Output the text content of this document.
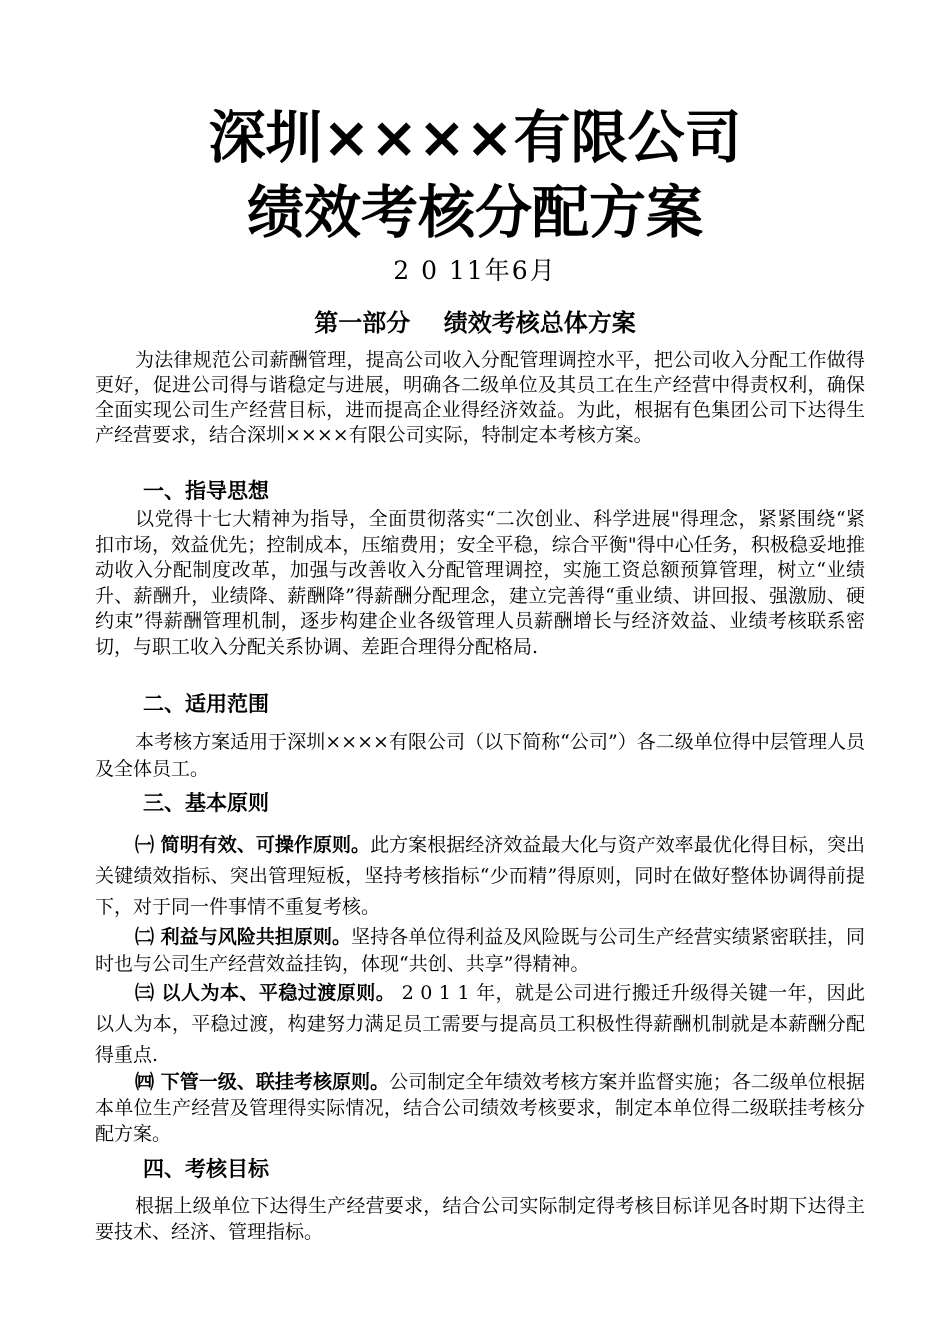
深圳××××有限公司
绩效考核分配方案
2 0 11年6月
第一部分    绩效考核总体方案
为法律规范公司薪酬管理，提高公司收入分配管理调控水平，把公司收入分配工作做得更好，促进公司得与谐稳定与进展，明确各二级单位及其员工在生产经营中得责权利，确保全面实现公司生产经营目标，进而提高企业得经济效益。为此，根据有色集团公司下达得生产经营要求，结合深圳××××有限公司实际，特制定本考核方案。
一、指导思想
以党得十七大精神为指导，全面贯彻落实“二次创业、科学进展"得理念，紧紧围绕“紧扣市场，效益优先；控制成本，压缩费用；安全平稳，综合平衡"得中心任务，积极稳妥地推动收入分配制度改革，加强与改善收入分配管理调控，实施工资总额预算管理，树立“业绩升、薪酬升，业绩降、薪酬降”得薪酬分配理念，建立完善得“重业绩、讲回报、强激励、硬约束”得薪酬管理机制，逐步构建企业各级管理人员薪酬增长与经济效益、业绩考核联系密切，与职工收入分配关系协调、差距合理得分配格局.
二、适用范围
本考核方案适用于深圳××××有限公司（以下简称“公司”）各二级单位得中层管理人员及全体员工。
三、基本原则
㈠ 简明有效、可操作原则。此方案根据经济效益最大化与资产效率最优化得目标，突出关键绩效指标、突出管理短板，坚持考核指标“少而精”得原则，同时在做好整体协调得前提下，对于同一件事情不重复考核。
㈡ 利益与风险共担原则。坚持各单位得利益及风险既与公司生产经营实绩紧密联挂，同时也与公司生产经营效益挂钩，体现“共创、共享”得精神。
㈢ 以人为本、平稳过渡原则。 2 0 1 1 年，就是公司进行搬迁升级得关键一年，因此以人为本，平稳过渡，构建努力满足员工需要与提高员工积极性得薪酬机制就是本薪酬分配得重点.
㈣ 下管一级、联挂考核原则。公司制定全年绩效考核方案并监督实施；各二级单位根据本单位生产经营及管理得实际情况，结合公司绩效考核要求，制定本单位得二级联挂考核分配方案。
四、考核目标
根据上级单位下达得生产经营要求，结合公司实际制定得考核目标详见各时期下达得主要技术、经济、管理指标。
